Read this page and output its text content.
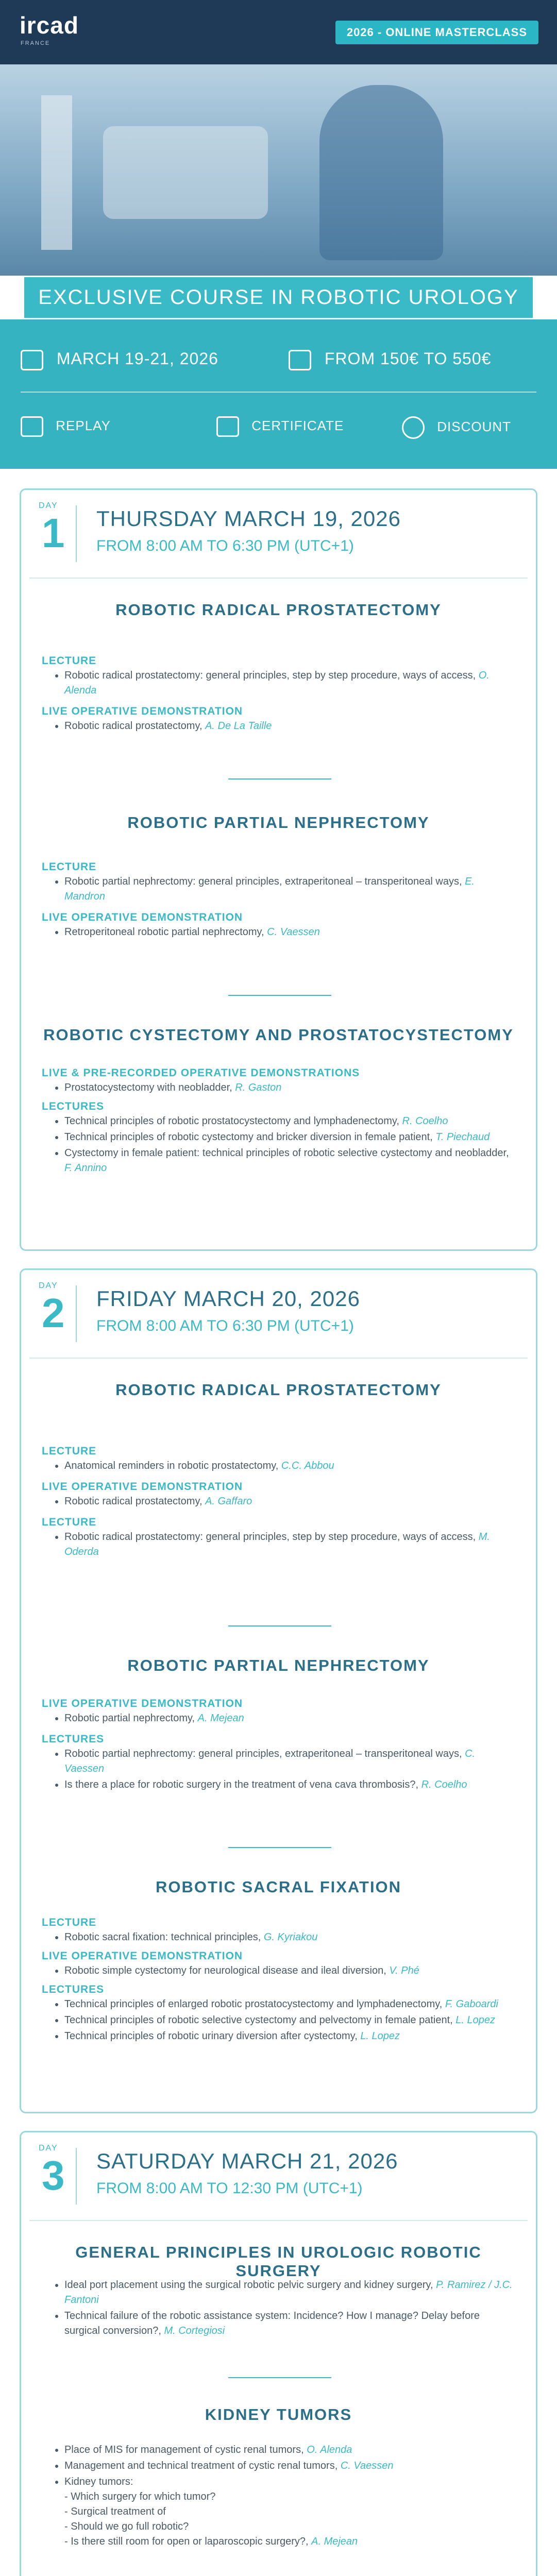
ircad
FRANCE
2026 - ONLINE MASTERCLASS
EXCLUSIVE COURSE IN ROBOTIC UROLOGY
MARCH 19-21, 2026	FROM 150€ TO 550€
REPLAY	CERTIFICATE	DISCOUNT
DAY
1 THURSDAY MARCH 19, 2026
FROM 8:00 AM TO 6:30 PM (UTC+1)

ROBOTIC RADICAL PROSTATECTOMY

LECTURE

• Robotic radical prostatectomy: general principles, step by step procedure, ways of access, O. Alenda

LIVE OPERATIVE DEMONSTRATION

• Robotic radical prostatectomy, A. De La Taille

ROBOTIC PARTIAL NEPHRECTOMY

LECTURE

• Robotic partial nephrectomy: general principles, extraperitoneal – transperitoneal ways, E. Mandron

LIVE OPERATIVE DEMONSTRATION

• Retroperitoneal robotic partial nephrectomy, C. Vaessen

ROBOTIC CYSTECTOMY AND PROSTATOCYSTECTOMY

LIVE & PRE-RECORDED OPERATIVE DEMONSTRATIONS

• Prostatocystectomy with neobladder, R. Gaston

LECTURES

• Technical principles of robotic prostatocystectomy and lymphadenectomy, R. Coelho
• Technical principles of robotic cystectomy and bricker diversion in female patient, T. Piechaud
• Cystectomy in female patient: technical principles of robotic selective cystectomy and neobladder, F. Annino
DAY
2 FRIDAY MARCH 20, 2026
FROM 8:00 AM TO 6:30 PM (UTC+1)

ROBOTIC RADICAL PROSTATECTOMY

LECTURE

• Anatomical reminders in robotic prostatectomy, C.C. Abbou

LIVE OPERATIVE DEMONSTRATION

• Robotic radical prostatectomy, A. Gaffaro

LECTURE

• Robotic radical prostatectomy: general principles, step by step procedure, ways of access, M. Oderda

ROBOTIC PARTIAL NEPHRECTOMY

LIVE OPERATIVE DEMONSTRATION

• Robotic partial nephrectomy, A. Mejean

LECTURES

• Robotic partial nephrectomy: general principles, extraperitoneal – transperitoneal ways, C. Vaessen
• Is there a place for robotic surgery in the treatment of vena cava thrombosis?, R. Coelho

ROBOTIC SACRAL FIXATION

LECTURE

• Robotic sacral fixation: technical principles, G. Kyriakou

LIVE OPERATIVE DEMONSTRATION

• Robotic simple cystectomy for neurological disease and ileal diversion, V. Phé

LECTURES

• Technical principles of enlarged robotic prostatocystectomy and lymphadenectomy, F. Gaboardi
• Technical principles of robotic selective cystectomy and pelvectomy in female patient, L. Lopez
• Technical principles of robotic urinary diversion after cystectomy, L. Lopez
DAY
3 SATURDAY MARCH 21, 2026
FROM 8:00 AM TO 12:30 PM (UTC+1)

GENERAL PRINCIPLES IN UROLOGIC ROBOTIC SURGERY

• Ideal port placement using the surgical robotic pelvic surgery and kidney surgery, P. Ramirez / J.C. Fantoni
• Technical failure of the robotic assistance system: Incidence? How I manage? Delay before surgical conversion?, M. Cortegiosi

KIDNEY TUMORS

• Place of MIS for management of cystic renal tumors, O. Alenda
• Management and technical treatment of cystic renal tumors, C. Vaessen
• Kidney tumors:
- Which surgery for which tumor?
- Surgical treatment of
- Should we go full robotic?
- Is there still room for open or laparoscopic surgery?, A. Mejean
